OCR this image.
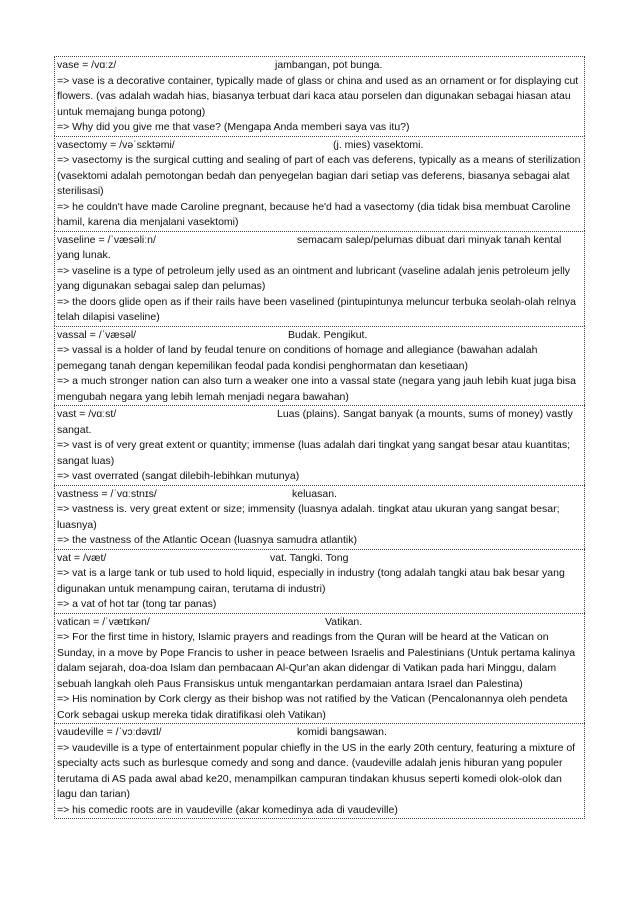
vase = /vɑːz/	jambangan, pot bunga.
=> vase is a decorative container, typically made of glass or china and used as an ornament or for displaying cut flowers. (vas adalah wadah hias, biasanya terbuat dari kaca atau porselen dan digunakan sebagai hiasan atau untuk memajang bunga potong)
=> Why did you give me that vase? (Mengapa Anda memberi saya vas itu?)
vasectomy = /vəˈsɛktəmi/	(j. mies) vasektomi.
=> vasectomy is the surgical cutting and sealing of part of each vas deferens, typically as a means of sterilization (vasektomi adalah pemotongan bedah dan penyegelan bagian dari setiap vas deferens, biasanya sebagai alat sterilisasi)
=> he couldn't have made Caroline pregnant, because he'd had a vasectomy (dia tidak bisa membuat Caroline hamil, karena dia menjalani vasektomi)
vaseline = /ˈvæsəliːn/	semacam salep/pelumas dibuat dari minyak tanah kental yang lunak.
=> vaseline is a type of petroleum jelly used as an ointment and lubricant (vaseline adalah jenis petroleum jelly yang digunakan sebagai salep dan pelumas)
=> the doors glide open as if their rails have been vaselined (pintupintunya meluncur terbuka seolah-olah relnya telah dilapisi vaseline)
vassal = /ˈvæsəl/	Budak. Pengikut.
=> vassal is a holder of land by feudal tenure on conditions of homage and allegiance (bawahan adalah pemegang tanah dengan kepemilikan feodal pada kondisi penghormatan dan kesetiaan)
=> a much stronger nation can also turn a weaker one into a vassal state (negara yang jauh lebih kuat juga bisa mengubah negara yang lebih lemah menjadi negara bawahan)
vast = /vɑːst/	Luas (plains). Sangat banyak (a mounts, sums of money) vastly sangat.
=> vast is of very great extent or quantity; immense (luas adalah dari tingkat yang sangat besar atau kuantitas; sangat luas)
=> vast overrated (sangat dilebih-lebihkan mutunya)
vastness = /ˈvɑːstnɪs/	keluasan.
=> vastness is. very great extent or size; immensity (luasnya adalah. tingkat atau ukuran yang sangat besar; luasnya)
=> the vastness of the Atlantic Ocean (luasnya samudra atlantik)
vat = /væt/	vat. Tangki. Tong
=> vat is a large tank or tub used to hold liquid, especially in industry (tong adalah tangki atau bak besar yang digunakan untuk menampung cairan, terutama di industri)
=> a vat of hot tar (tong tar panas)
vatican = /ˈvætɪkən/	Vatikan.
=> For the first time in history, Islamic prayers and readings from the Quran will be heard at the Vatican on Sunday, in a move by Pope Francis to usher in peace between Israelis and Palestinians (Untuk pertama kalinya dalam sejarah, doa-doa Islam dan pembacaan Al-Qur'an akan didengar di Vatikan pada hari Minggu, dalam sebuah langkah oleh Paus Fransiskus untuk mengantarkan perdamaian antara Israel dan Palestina)
=> His nomination by Cork clergy as their bishop was not ratified by the Vatican (Pencalonannya oleh pendeta Cork sebagai uskup mereka tidak diratifikasi oleh Vatikan)
vaudeville = /ˈvɔːdəvɪl/	komidi bangsawan.
=> vaudeville is a type of entertainment popular chiefly in the US in the early 20th century, featuring a mixture of specialty acts such as burlesque comedy and song and dance. (vaudeville adalah jenis hiburan yang populer terutama di AS pada awal abad ke20, menampilkan campuran tindakan khusus seperti komedi olok-olok dan lagu dan tarian)
=> his comedic roots are in vaudeville (akar komedinya ada di vaudeville)
